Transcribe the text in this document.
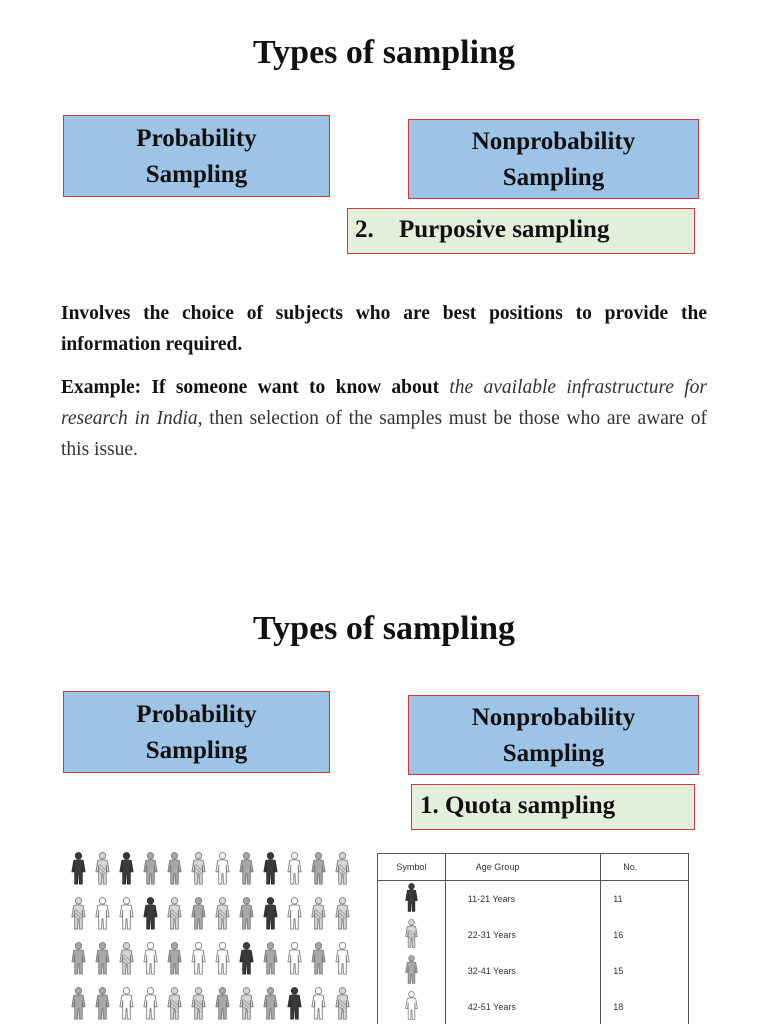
Types of sampling
Probability
Sampling
Nonprobability
Sampling
2. Purposive sampling

Involves the choice of subjects who are best positions to provide the information required.

Example: If someone want to know about the available infrastructure for research in India, then selection of the samples must be those who are aware of this issue.

Types of sampling
Probability
Sampling
Nonprobability
Sampling
1. Quota sampling
Symbol	Age Group	No.
	11-21 Years	11
	22-31 Years	16
	32-41 Years	15
	42-51 Years	18
